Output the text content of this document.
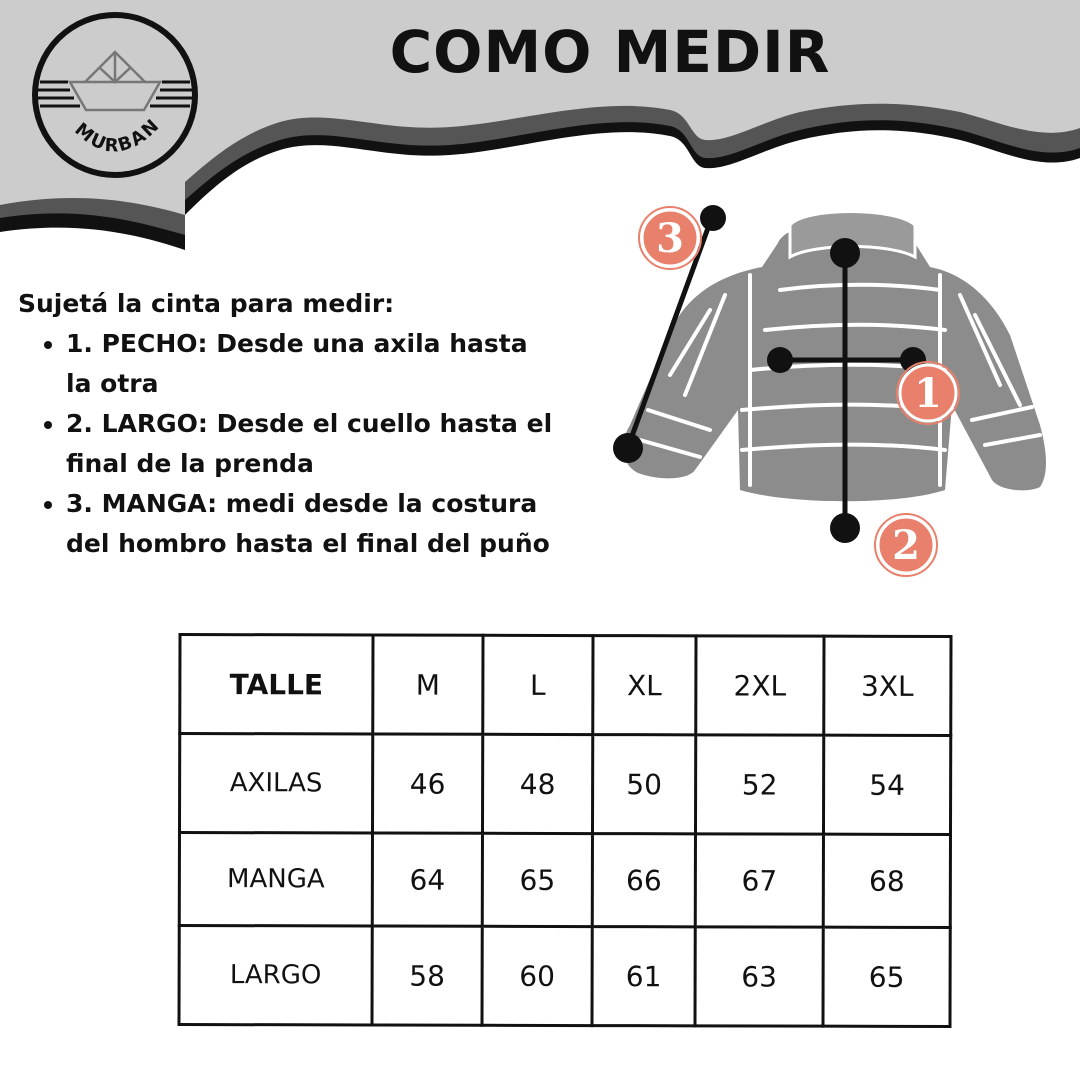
MURBAN
COMO MEDIR
Sujetá la cinta para medir:
• 1. PECHO: Desde una axila hasta
la otra
• 2. LARGO: Desde el cuello hasta el
final de la prenda
• 3. MANGA: medi desde la costura
del hombro hasta el final del puño
1
2
3
TALLE	M	L	XL	2XL	3XL
AXILAS	46	48	50	52	54
MANGA	64	65	66	67	68
LARGO	58	60	61	63	65
